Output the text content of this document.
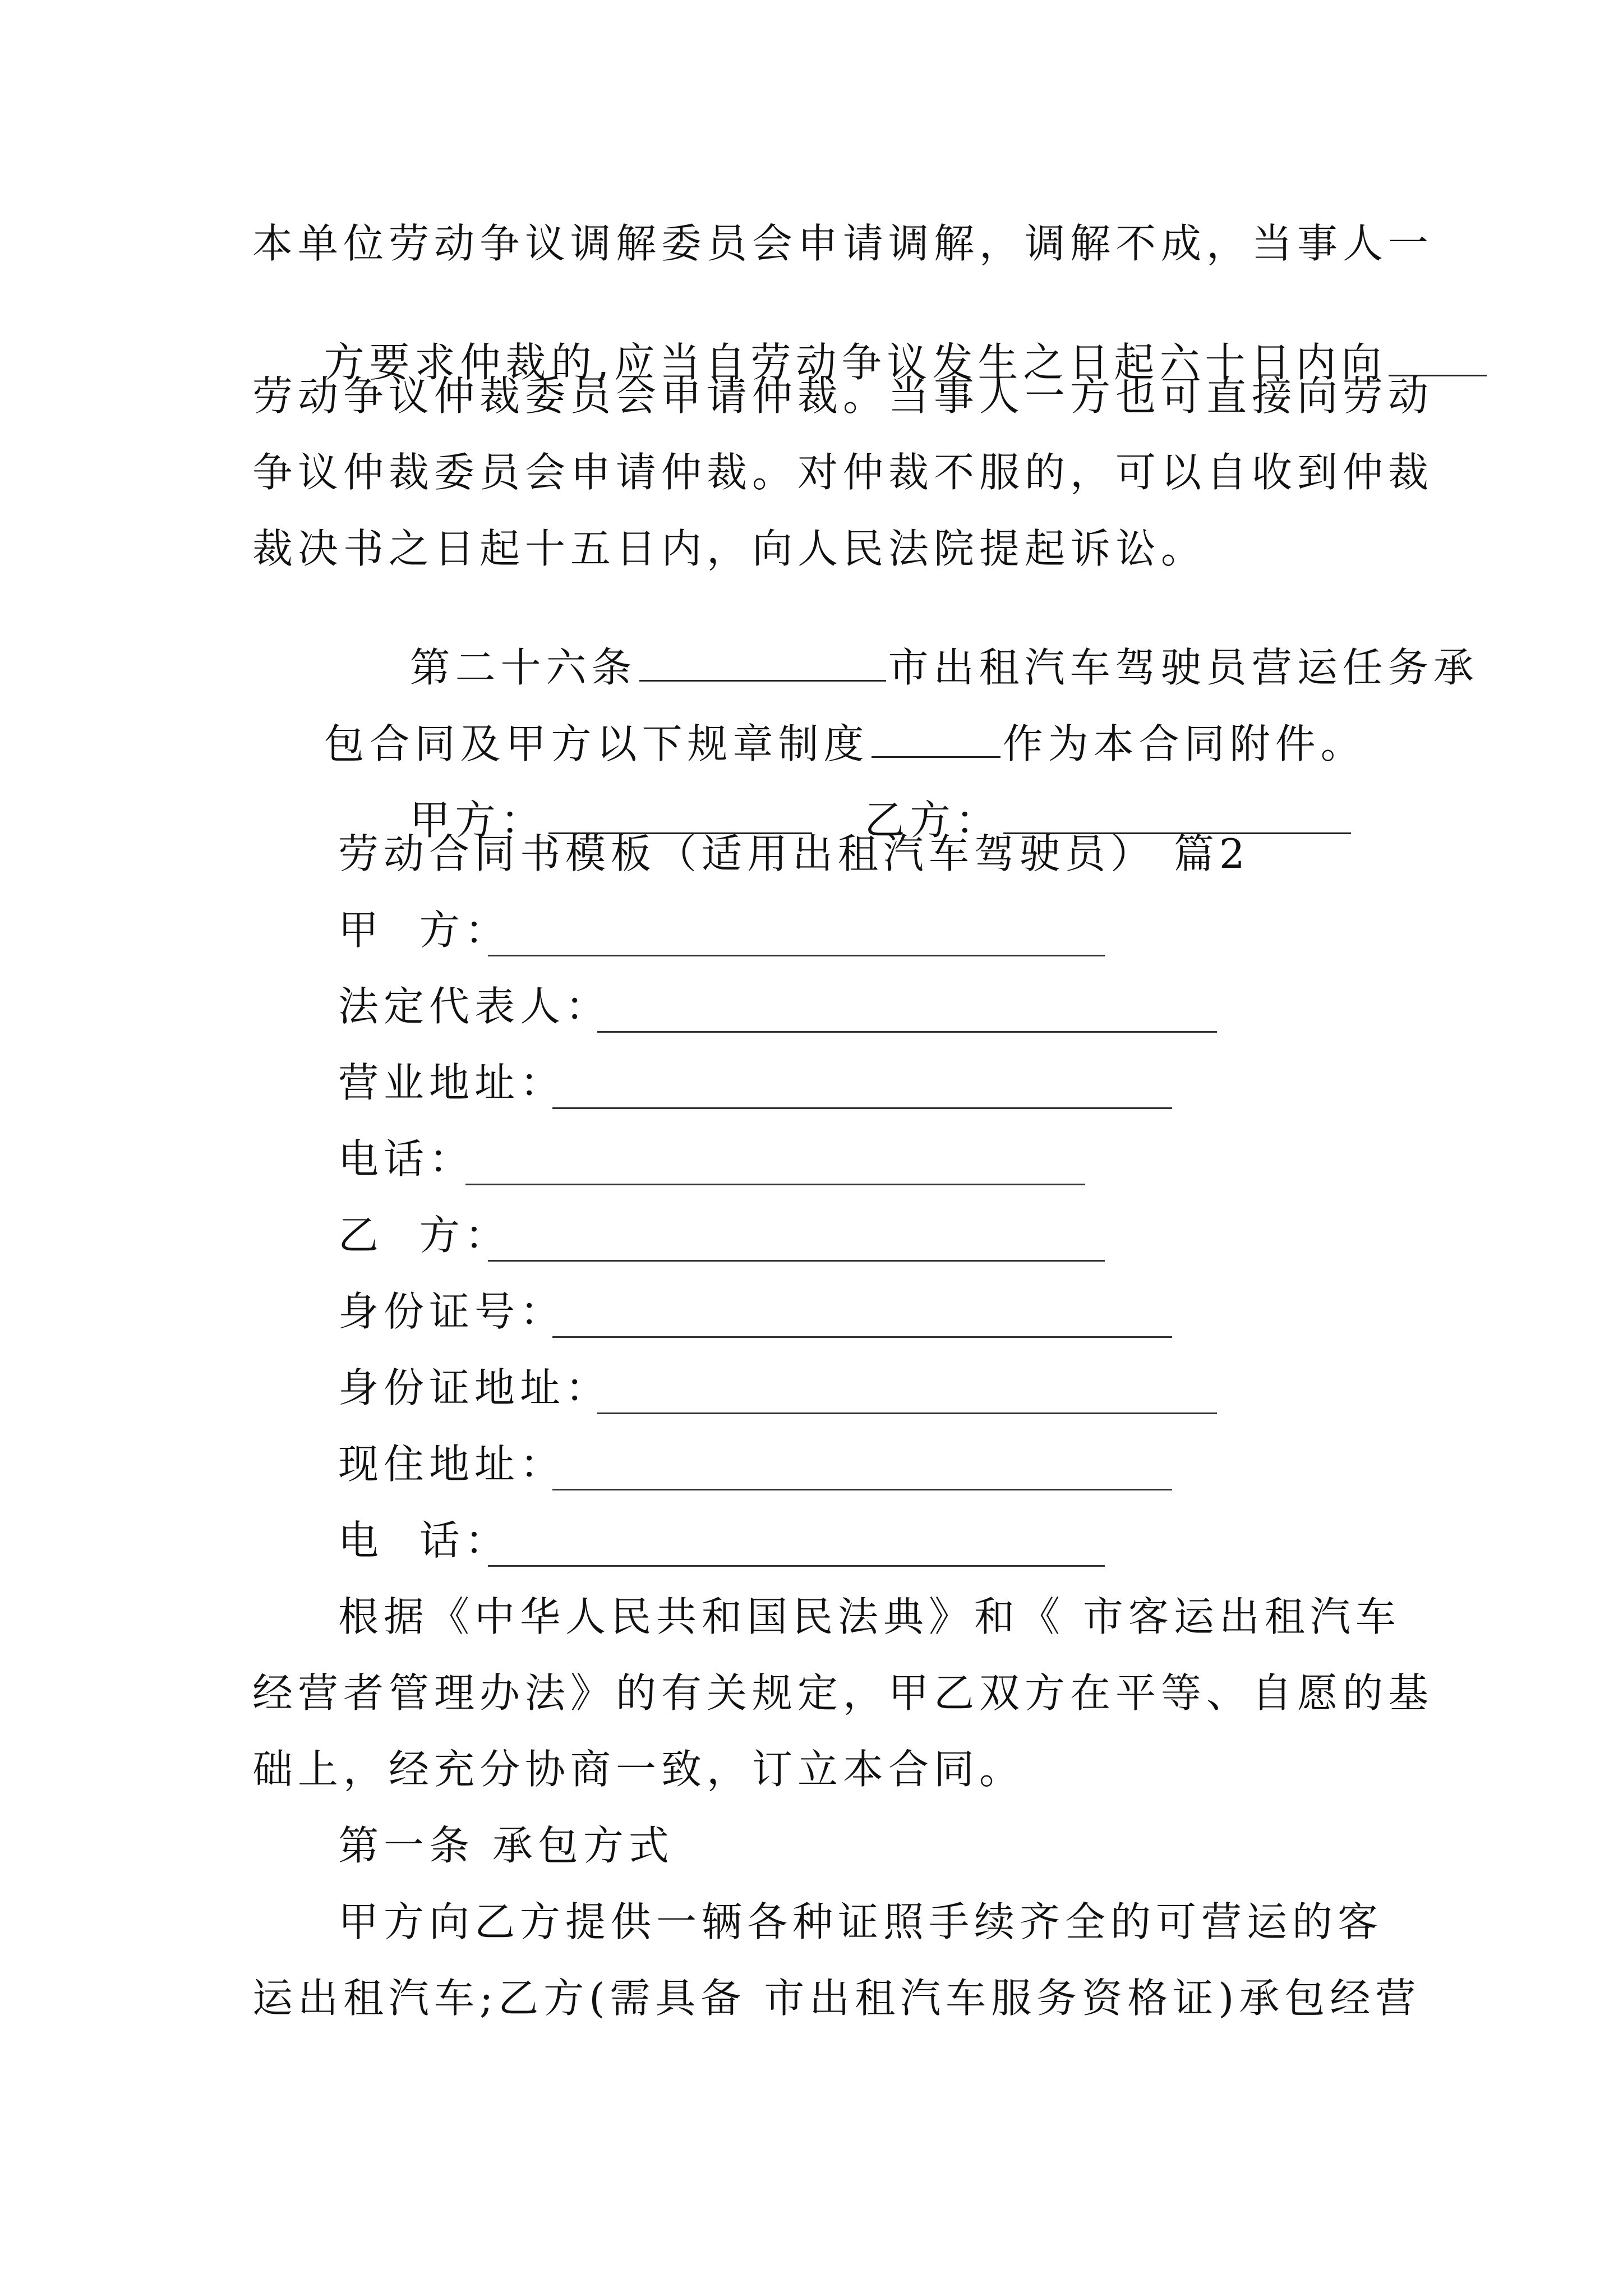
本单位劳动争议调解委员会申请调解，调解不成，当事人一

方要求仲裁的,应当自劳动争议发生之日起六十日内向

劳动争议仲裁委员会申请仲裁。当事人一方也可直接向劳动
争议仲裁委员会申请仲裁。对仲裁不服的，可以自收到仲裁
裁决书之日起十五日内，向人民法院提起诉讼。

第二十六条	市出租汽车驾驶员营运任务承

包合同及甲方以下规章制度	作为本合同附件。

甲方：	乙方：

劳动合同书模板（适用出租汽车驾驶员） 篇2
甲  方：
法定代表人：
营业地址：
电话：
乙  方：
身份证号：
身份证地址：
现住地址：
电  话：
根据《中华人民共和国民法典》和《 市客运出租汽车
经营者管理办法》的有关规定，甲乙双方在平等、自愿的基
础上，经充分协商一致，订立本合同。
第一条 承包方式
甲方向乙方提供一辆各种证照手续齐全的可营运的客
运出租汽车;乙方(需具备 市出租汽车服务资格证)承包经营
